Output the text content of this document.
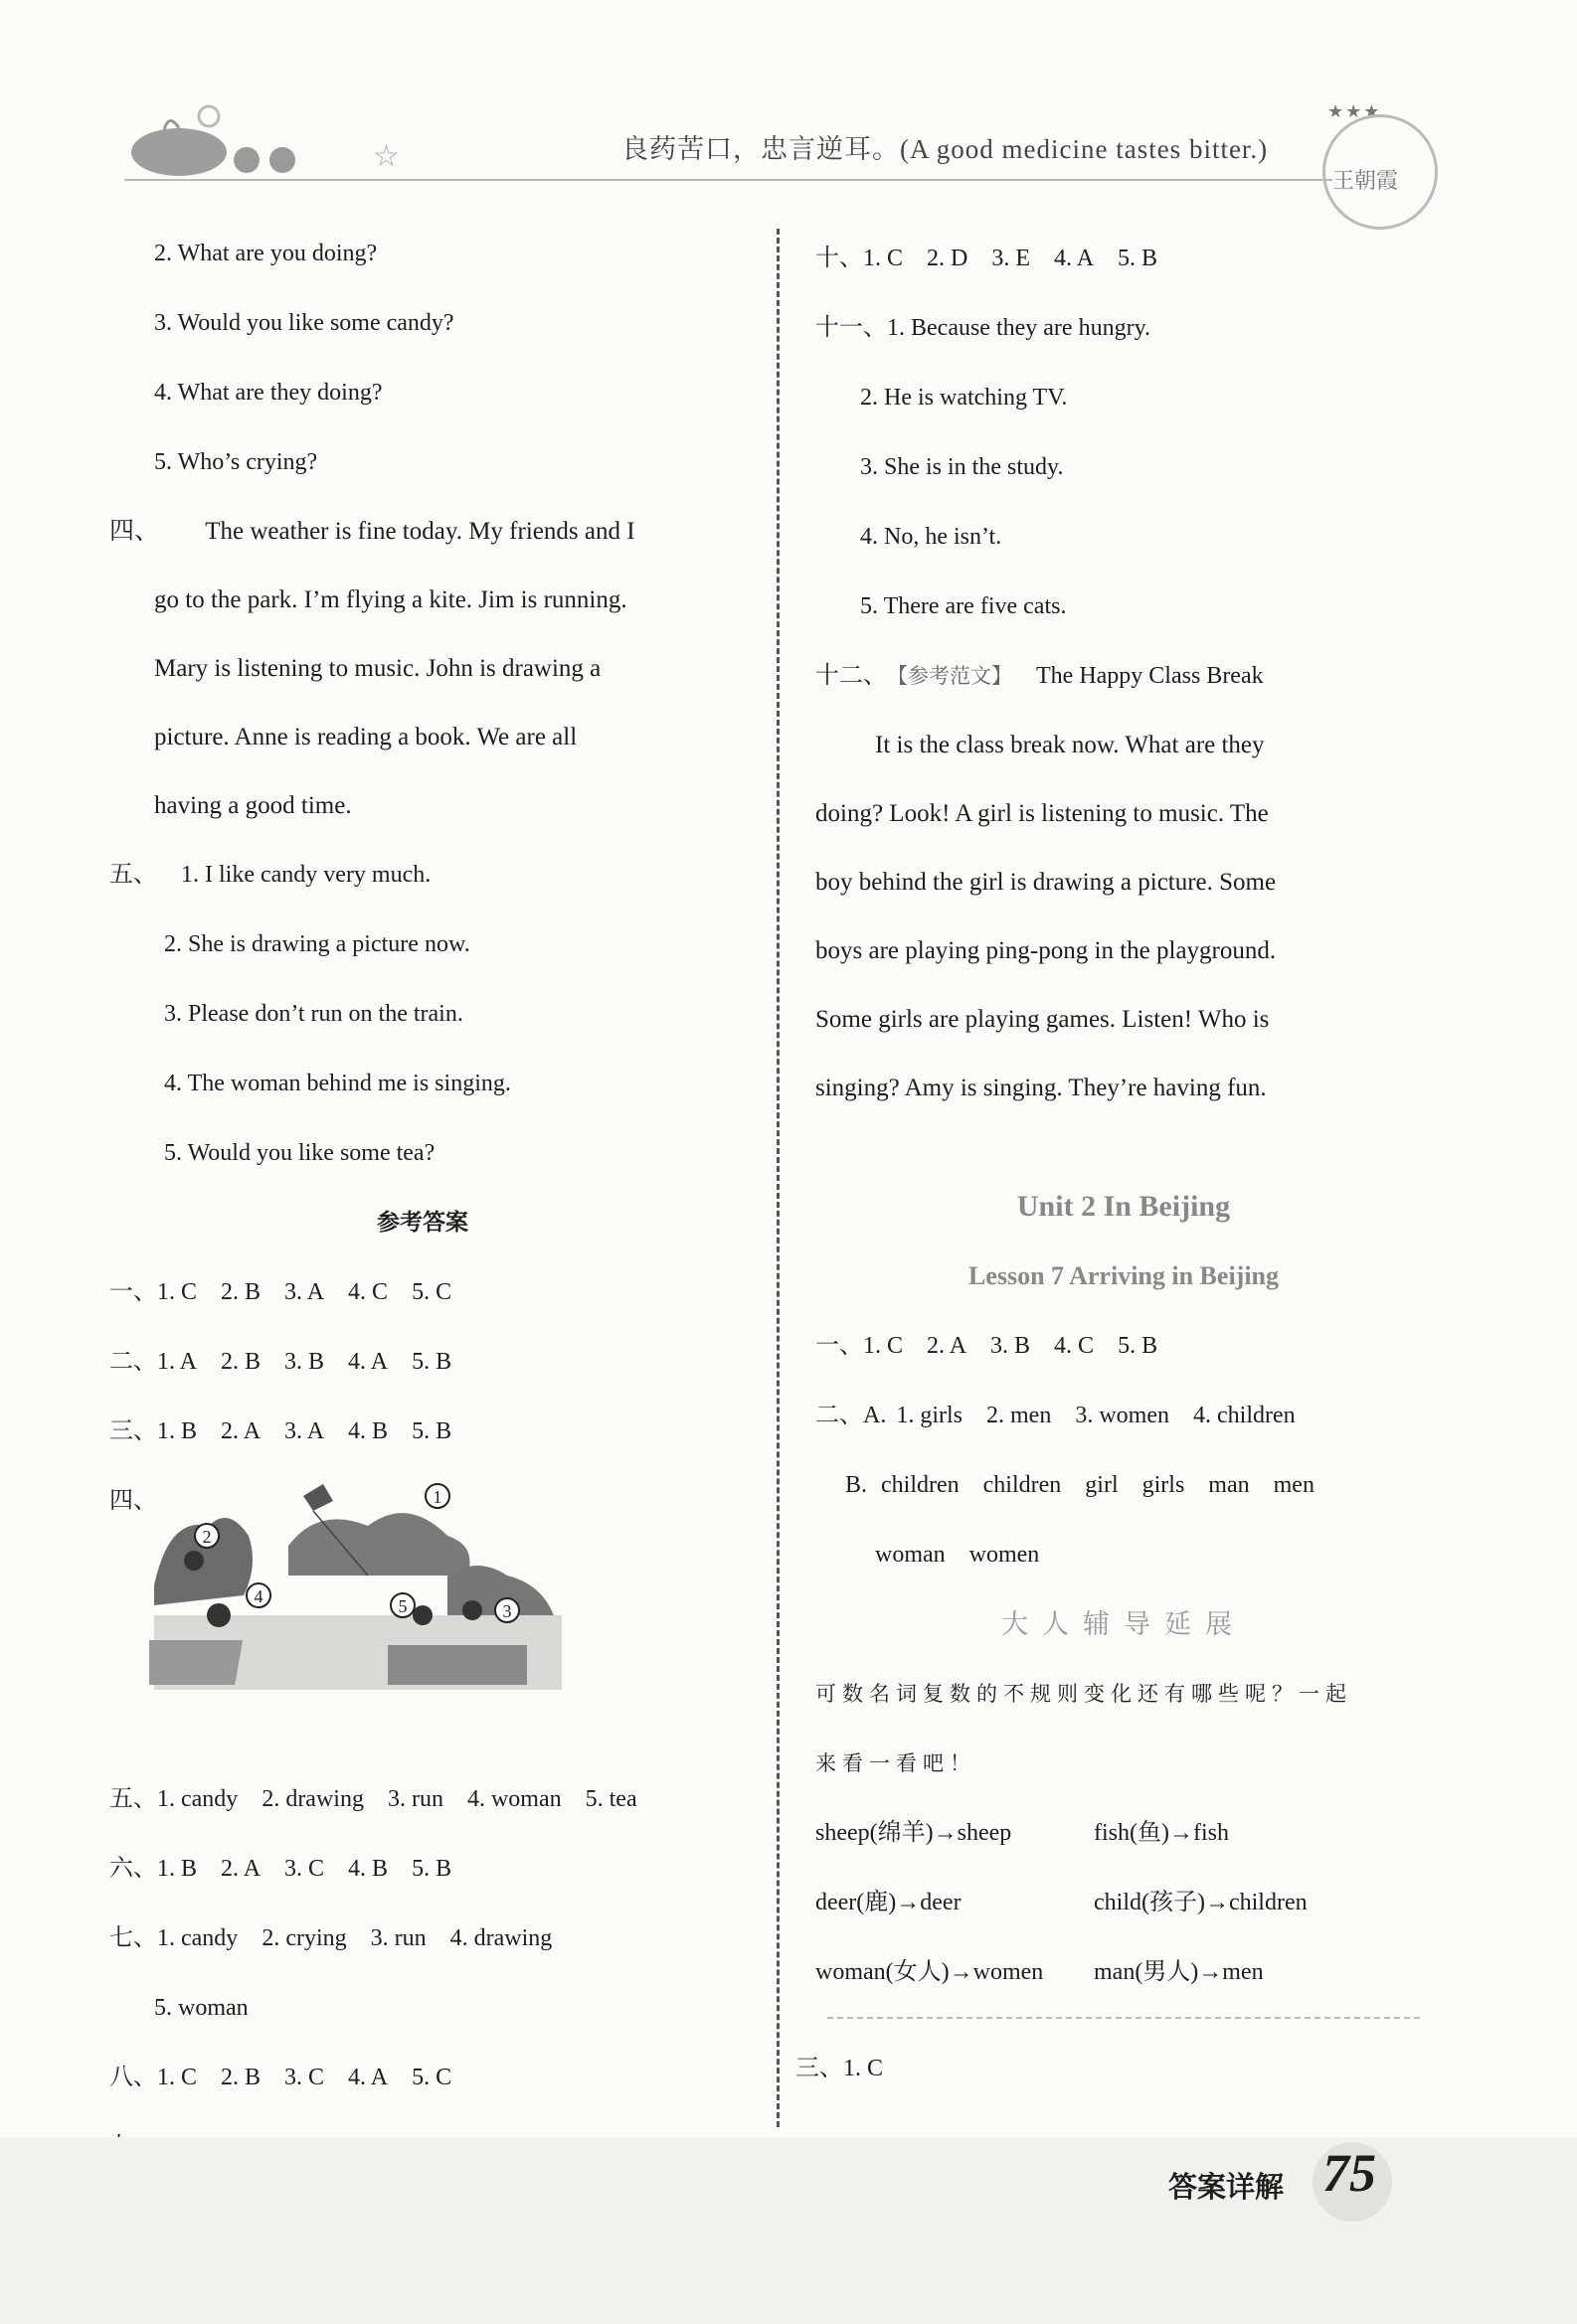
☆	良药苦口，忠言逆耳。(A good medicine tastes bitter.)
★★★
王朝霞
2. What are you doing?
3. Would you like some candy?
4. What are they doing?
5. Who’s crying?
四、 The weather is fine today. My friends and I
go to the park. I’m flying a kite. Jim is running.
Mary is listening to music. John is drawing a
picture. Anne is reading a book. We are all
having a good time.
五、 1. I like candy very much.
2. She is drawing a picture now.
3. Please don’t run on the train.
4. The woman behind me is singing.
5. Would you like some tea?
参考答案
一、1. C 2. B 3. A 4. C 5. C
二、1. A 2. B 3. B 4. A 5. B
三、1. B 2. A 3. A 4. B 5. B
四、
五、1. candy 2. drawing 3. run 4. woman 5. tea
六、1. B 2. A 3. C 4. B 5. B
七、1. candy 2. crying 3. run 4. drawing
5. woman
八、1. C 2. B 3. C 4. A 5. C
1
2
3
4	5
十、1. C 2. D 3. E 4. A 5. B
十一、1. Because they are hungry.
2. He is watching TV.
3. She is in the study.
4. No, he isn’t.
5. There are five cats.
十二、【参考范文】 The Happy Class Break
It is the class break now. What are they
doing? Look! A girl is listening to music. The
boy behind the girl is drawing a picture. Some
boys are playing ping-pong in the playground.
Some girls are playing games. Listen! Who is
singing? Amy is singing. They’re having fun.
Unit 2 In Beijing
Lesson 7 Arriving in Beijing
一、1. C 2. A 3. B 4. C 5. B
二、A. 1. girls 2. men 3. women 4. children
B. children children girl girls man men
woman women
大人辅导延展
可数名词复数的不规则变化还有哪些呢？一起
来看一看吧！
sheep(绵羊)→sheep	fish(鱼)→fish
deer(鹿)→deer	child(孩子)→children
woman(女人)→women	man(男人)→men
三、1. C
答案详解 75
